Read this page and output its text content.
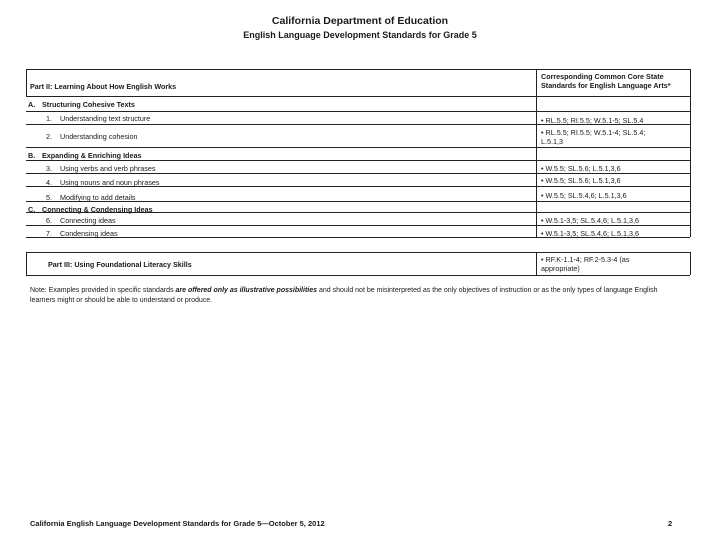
California Department of Education
English Language Development Standards for Grade 5
Part II: Learning About How English Works
Corresponding Common Core State
Standards for English Language Arts*
A. Structuring Cohesive Texts
1. Understanding text structure	• RL.5.5; RI.5.5; W.5.1-5; SL.5.4
2. Understanding cohesion	• RL.5.5; RI.5.5; W.5.1-4; SL.5.4;
L.5.1,3
B. Expanding & Enriching Ideas
3. Using verbs and verb phrases	• W.5.5; SL.5.6; L.5.1,3,6
4. Using nouns and noun phrases	• W.5.5; SL.5.6; L.5.1,3,6
5. Modifying to add details	• W.5.5; SL.5.4,6; L.5.1,3,6
C. Connecting & Condensing Ideas
6. Connecting ideas	• W.5.1-3,5; SL.5.4,6; L.5.1,3,6
7. Condensing ideas	• W.5.1-3,5; SL.5.4,6; L.5.1,3,6
Part III: Using Foundational Literacy Skills
• RF.K-1.1-4; RF.2-5.3-4 (as
appropriate)
Note: Examples provided in specific standards are offered only as illustrative possibilities and should not be misinterpreted as the only objectives of instruction or as the only types of language English learners might or should be able to understand or produce.
California English Language Development Standards for Grade 5—October 5, 2012	2
